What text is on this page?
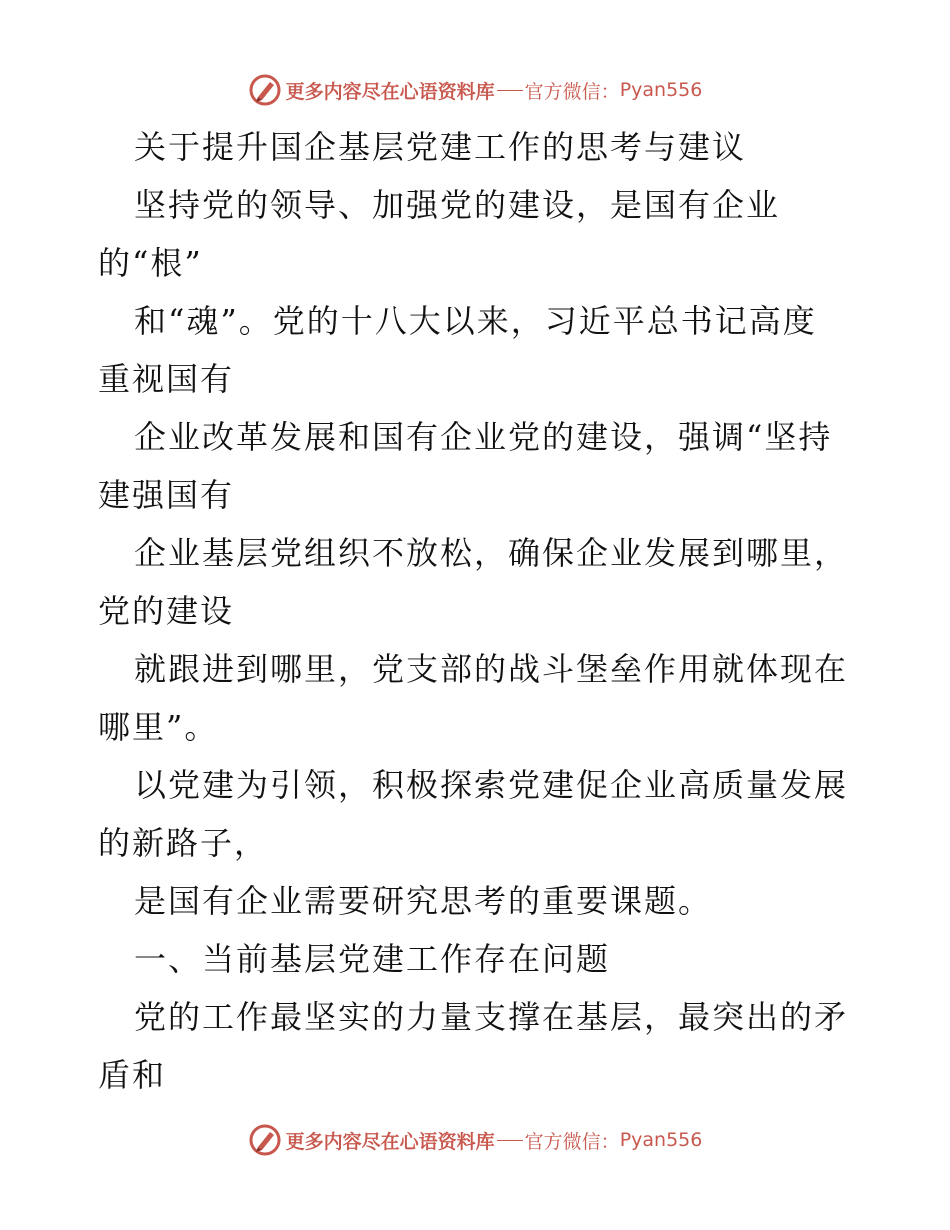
更多内容尽在心语资料库 官方微信： Pyan556
关于提升国企基层党建工作的思考与建议
坚持党的领导、加强党的建设，是国有企业
的“根”
和“魂”。党的十八大以来，习近平总书记高度
重视国有
企业改革发展和国有企业党的建设，强调“坚持
建强国有
企业基层党组织不放松，确保企业发展到哪里，
党的建设
就跟进到哪里，党支部的战斗堡垒作用就体现在
哪里”。
以党建为引领，积极探索党建促企业高质量发展
的新路子，
是国有企业需要研究思考的重要课题。
一、当前基层党建工作存在问题
党的工作最坚实的力量支撑在基层，最突出的矛
盾和
更多内容尽在心语资料库 官方微信： Pyan556
